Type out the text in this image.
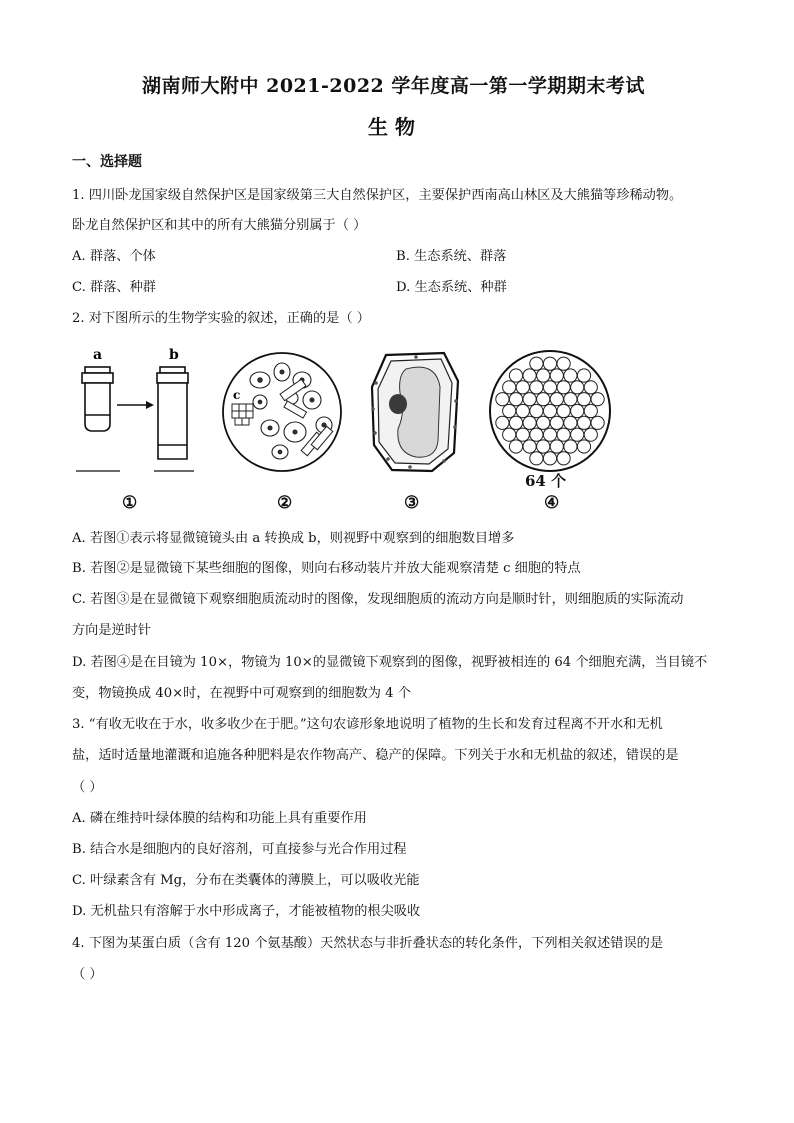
湖南师大附中 2021-2022 学年度高一第一学期期末考试
生 物
一、选择题
1. 四川卧龙国家级自然保护区是国家级第三大自然保护区，主要保护西南高山林区及大熊猫等珍稀动物。
卧龙自然保护区和其中的所有大熊猫分别属于（ ）
A. 群落、个体	B. 生态系统、群落
C. 群落、种群	D. 生态系统、种群
2. 对下图所示的生物学实验的叙述，正确的是（ ）
a	b
c
64 个
①	②	③	④
A. 若图①表示将显微镜镜头由 a 转换成 b，则视野中观察到的细胞数目增多
B. 若图②是显微镜下某些细胞的图像，则向右移动装片并放大能观察清楚 c 细胞的特点
C. 若图③是在显微镜下观察细胞质流动时的图像，发现细胞质的流动方向是顺时针，则细胞质的实际流动
方向是逆时针
D. 若图④是在目镜为 10×，物镜为 10×的显微镜下观察到的图像，视野被相连的 64 个细胞充满，当目镜不
变，物镜换成 40×时，在视野中可观察到的细胞数为 4 个
3. “有收无收在于水，收多收少在于肥。”这句农谚形象地说明了植物的生长和发育过程离不开水和无机
盐，适时适量地灌溉和追施各种肥料是农作物高产、稳产的保障。下列关于水和无机盐的叙述，错误的是
（ ）
A. 磷在维持叶绿体膜的结构和功能上具有重要作用
B. 结合水是细胞内的良好溶剂，可直接参与光合作用过程
C. 叶绿素含有 Mg，分布在类囊体的薄膜上，可以吸收光能
D. 无机盐只有溶解于水中形成离子，才能被植物的根尖吸收
4. 下图为某蛋白质（含有 120 个氨基酸）天然状态与非折叠状态的转化条件，下列相关叙述错误的是
（ ）
